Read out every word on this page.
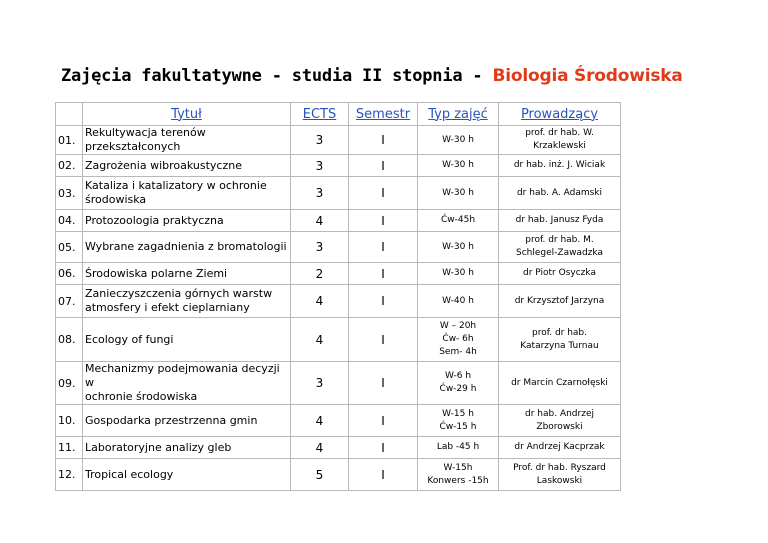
Zajęcia fakultatywne - studia II stopnia - Biologia Środowiska
	Tytuł	ECTS	Semestr	Typ zajęć	Prowadzący
01.	Rekultywacja terenów przekształconych	3	I	W-30 h	prof. dr hab. W.
Krzaklewski
02.	Zagrożenia wibroakustyczne	3	I	W-30 h	dr hab. inż. J. Wiciak
03.	Kataliza i katalizatory w ochronie
środowiska	3	I	W-30 h	dr hab. A. Adamski
04.	Protozoologia praktyczna	4	I	Ćw-45h	dr hab. Janusz Fyda
05.	Wybrane zagadnienia z bromatologii	3	I	W-30 h	prof. dr hab. M.
Schlegel-Zawadzka
06.	Środowiska polarne Ziemi	2	I	W-30 h	dr Piotr Osyczka
07.	Zanieczyszczenia górnych warstw
atmosfery i efekt cieplarniany	4	I	W-40 h	dr Krzysztof Jarzyna
08.	Ecology of fungi	4	I	W – 20h
Ćw- 6h
Sem- 4h	prof. dr hab.
Katarzyna Turnau
09.	Mechanizmy podejmowania decyzji w
ochronie środowiska	3	I	W-6 h
Ćw-29 h	dr Marcin Czarnołęski
10.	Gospodarka przestrzenna gmin	4	I	W-15 h
Ćw-15 h	dr hab. Andrzej
Zborowski
11.	Laboratoryjne analizy gleb	4	I	Lab -45 h	dr Andrzej Kacprzak
12.	Tropical ecology	5	I	W-15h
Konwers -15h	Prof. dr hab. Ryszard
Laskowski
